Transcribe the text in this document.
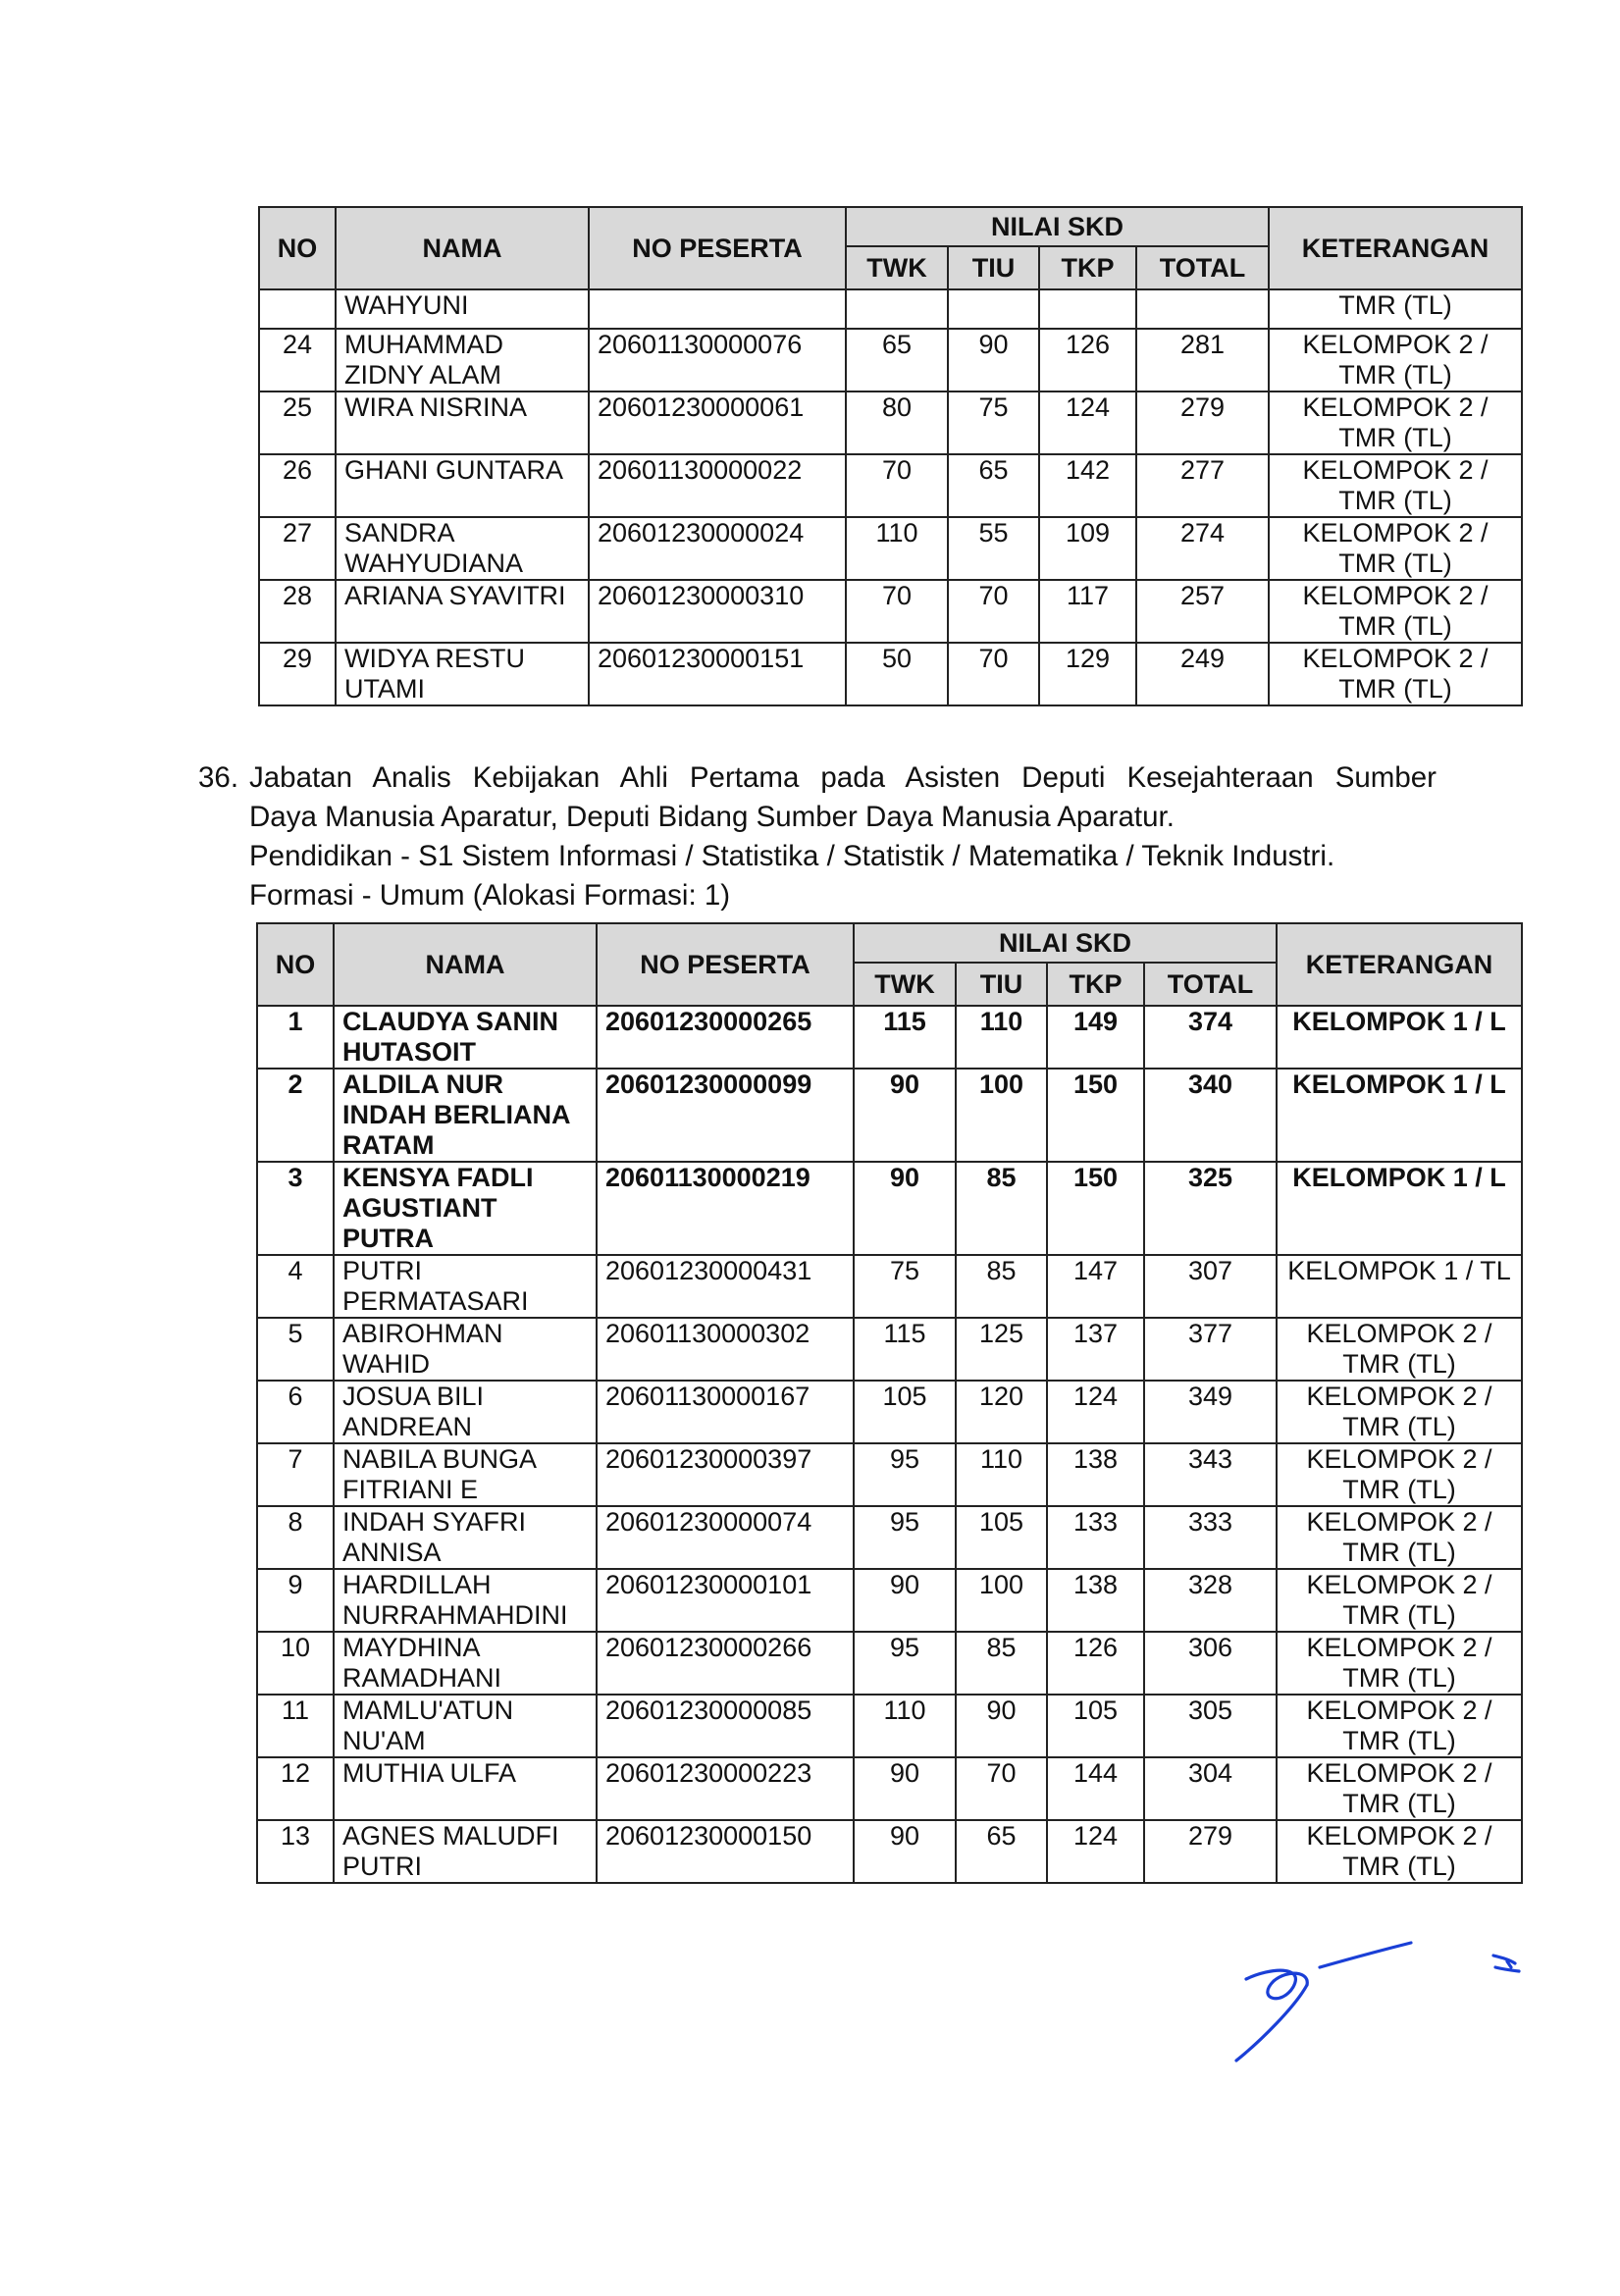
NO	NAMA	NO PESERTA	NILAI SKD				KETERANGAN
			TWK	TIU	TKP	TOTAL	
	WAHYUNI						TMR (TL)
24	MUHAMMAD ZIDNY ALAM	20601130000076	65	90	126	281	KELOMPOK 2 / TMR (TL)
25	WIRA NISRINA	20601230000061	80	75	124	279	KELOMPOK 2 / TMR (TL)
26	GHANI GUNTARA	20601130000022	70	65	142	277	KELOMPOK 2 / TMR (TL)
27	SANDRA WAHYUDIANA	20601230000024	110	55	109	274	KELOMPOK 2 / TMR (TL)
28	ARIANA SYAVITRI	20601230000310	70	70	117	257	KELOMPOK 2 / TMR (TL)
29	WIDYA RESTU UTAMI	20601230000151	50	70	129	249	KELOMPOK 2 / TMR (TL)
36. Jabatan Analis Kebijakan Ahli Pertama pada Asisten Deputi Kesejahteraan Sumber
Daya Manusia Aparatur, Deputi Bidang Sumber Daya Manusia Aparatur.
Pendidikan - S1 Sistem Informasi / Statistika / Statistik / Matematika / Teknik Industri.
Formasi - Umum (Alokasi Formasi: 1)
NO	NAMA	NO PESERTA	NILAI SKD				KETERANGAN
			TWK	TIU	TKP	TOTAL	
1	CLAUDYA SANIN HUTASOIT	20601230000265	115	110	149	374	KELOMPOK 1 / L
2	ALDILA NUR INDAH BERLIANA RATAM	20601230000099	90	100	150	340	KELOMPOK 1 / L
3	KENSYA FADLI AGUSTIANT PUTRA	20601130000219	90	85	150	325	KELOMPOK 1 / L
4	PUTRI PERMATASARI	20601230000431	75	85	147	307	KELOMPOK 1 / TL
5	ABIROHMAN WAHID	20601130000302	115	125	137	377	KELOMPOK 2 / TMR (TL)
6	JOSUA BILI ANDREAN	20601130000167	105	120	124	349	KELOMPOK 2 / TMR (TL)
7	NABILA BUNGA FITRIANI E	20601230000397	95	110	138	343	KELOMPOK 2 / TMR (TL)
8	INDAH SYAFRI ANNISA	20601230000074	95	105	133	333	KELOMPOK 2 / TMR (TL)
9	HARDILLAH NURRAHMAHDINI	20601230000101	90	100	138	328	KELOMPOK 2 / TMR (TL)
10	MAYDHINA RAMADHANI	20601230000266	95	85	126	306	KELOMPOK 2 / TMR (TL)
11	MAMLU'ATUN NU'AM	20601230000085	110	90	105	305	KELOMPOK 2 / TMR (TL)
12	MUTHIA ULFA	20601230000223	90	70	144	304	KELOMPOK 2 / TMR (TL)
13	AGNES MALUDFI PUTRI	20601230000150	90	65	124	279	KELOMPOK 2 / TMR (TL)
